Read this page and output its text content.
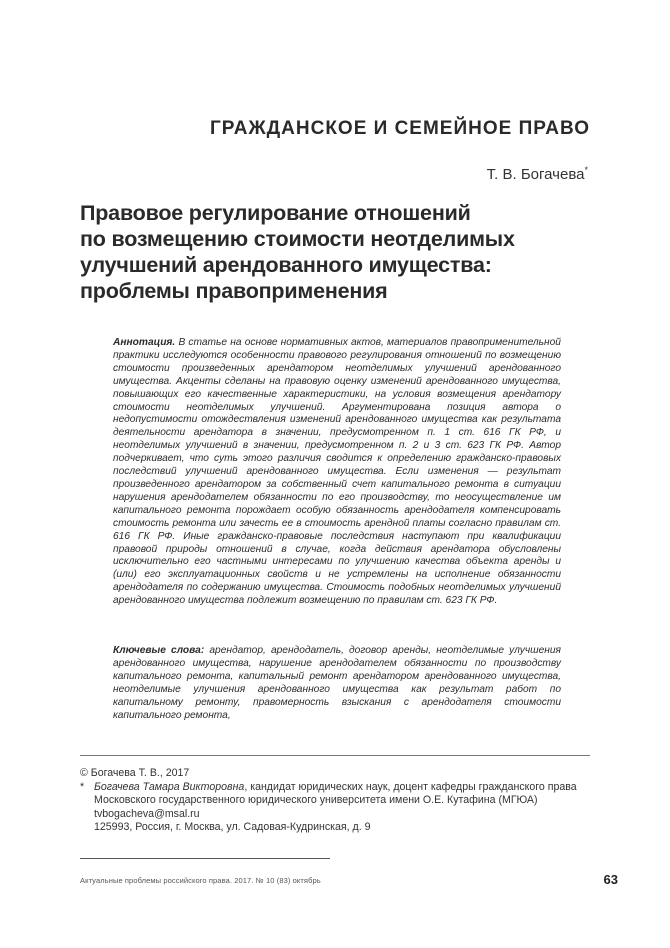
ГРАЖДАНСКОЕ И СЕМЕЙНОЕ ПРАВО
Т. В. Богачева*
Правовое регулирование отношений
по возмещению стоимости неотделимых
улучшений арендованного имущества:
проблемы правоприменения
Аннотация. В статье на основе нормативных актов, материалов правоприменительной практики исследуются особенности правового регулирования отношений по возмещению стоимости произведенных арендатором неотделимых улучшений арендованного имущества. Акценты сделаны на правовую оценку изменений арендованного имущества, повышающих его качественные характеристики, на условия возмещения арендатору стоимости неотделимых улучшений. Аргументирована позиция автора о недопустимости отождествления изменений арендованного имущества как результата деятельности арендатора в значении, предусмотренном п. 1 ст. 616 ГК РФ, и неотделимых улучшений в значении, предусмотренном п. 2 и 3 ст. 623 ГК РФ. Автор подчеркивает, что суть этого различия сводится к определению гражданско-правовых последствий улучшений арендованного имущества. Если изменения — результат произведенного арендатором за собственный счет капитального ремонта в ситуации нарушения арендодателем обязанности по его производству, то неосуществление им капитального ремонта порождает особую обязанность арендодателя компенсировать стоимость ремонта или зачесть ее в стоимость арендной платы согласно правилам ст. 616 ГК РФ. Иные гражданско-правовые последствия наступают при квалификации правовой природы отношений в случае, когда действия арендатора обусловлены исключительно его частными интересами по улучшению качества объекта аренды и (или) его эксплуатационных свойств и не устремлены на исполнение обязанности арендодателя по содержанию имущества. Стоимость подобных неотделимых улучшений арендованного имущества подлежит возмещению по правилам ст. 623 ГК РФ.
Ключевые слова: арендатор, арендодатель, договор аренды, неотделимые улучшения арендованного имущества, нарушение арендодателем обязанности по производству капитального ремонта, капитальный ремонт арендатором арендованного имущества, неотделимые улучшения арендованного имущества как результат работ по капитальному ремонту, правомерность взыскания с арендодателя стоимости капитального ремонта,
© Богачева Т. В., 2017
* Богачева Тамара Викторовна, кандидат юридических наук, доцент кафедры гражданского права Московского государственного юридического университета имени О.Е. Кутафина (МГЮА)
tvbogacheva@msal.ru
125993, Россия, г. Москва, ул. Садовая-Кудринская, д. 9
Актуальные проблемы российского права. 2017. № 10 (83) октябрь	63
